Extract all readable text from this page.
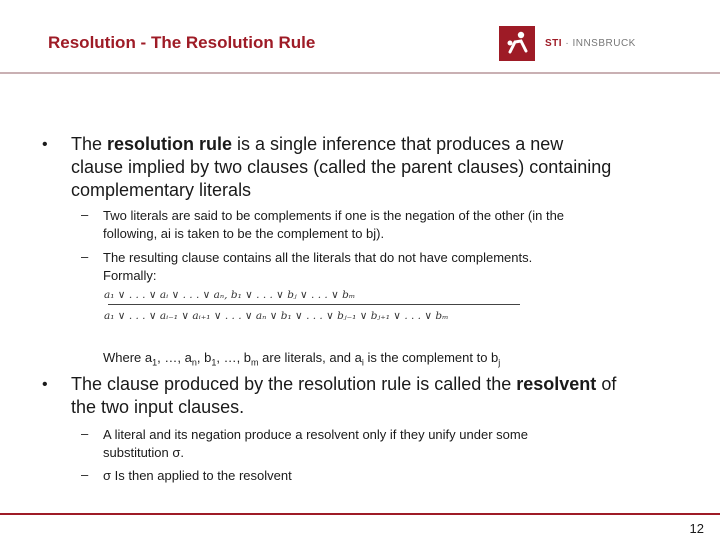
Resolution - The Resolution Rule	STI · INNSBRUCK
• The resolution rule is a single inference that produces a new
clause implied by two clauses (called the parent clauses) containing
complementary literals
– Two literals are said to be complements if one is the negation of the other (in the
following, ai is taken to be the complement to bj).
– The resulting clause contains all the literals that do not have complements.
Formally:
a₁ ∨ . . . ∨ aᵢ ∨ . . . ∨ aₙ, b₁ ∨ . . . ∨ bⱼ ∨ . . . ∨ bₘ
a₁ ∨ . . . ∨ aᵢ₋₁ ∨ aᵢ₊₁ ∨ . . . ∨ aₙ ∨ b₁ ∨ . . . ∨ bⱼ₋₁ ∨ bⱼ₊₁ ∨ . . . ∨ bₘ
Where $a_1$, …, $a_n$, $b_1$, …, $b_m$ are literals, and $a_i$ is the complement to $b_j$
• The clause produced by the resolution rule is called the resolvent of
the two input clauses.
– A literal and its negation produce a resolvent only if they unify under some
substitution σ.
– σ Is then applied to the resolvent
12
